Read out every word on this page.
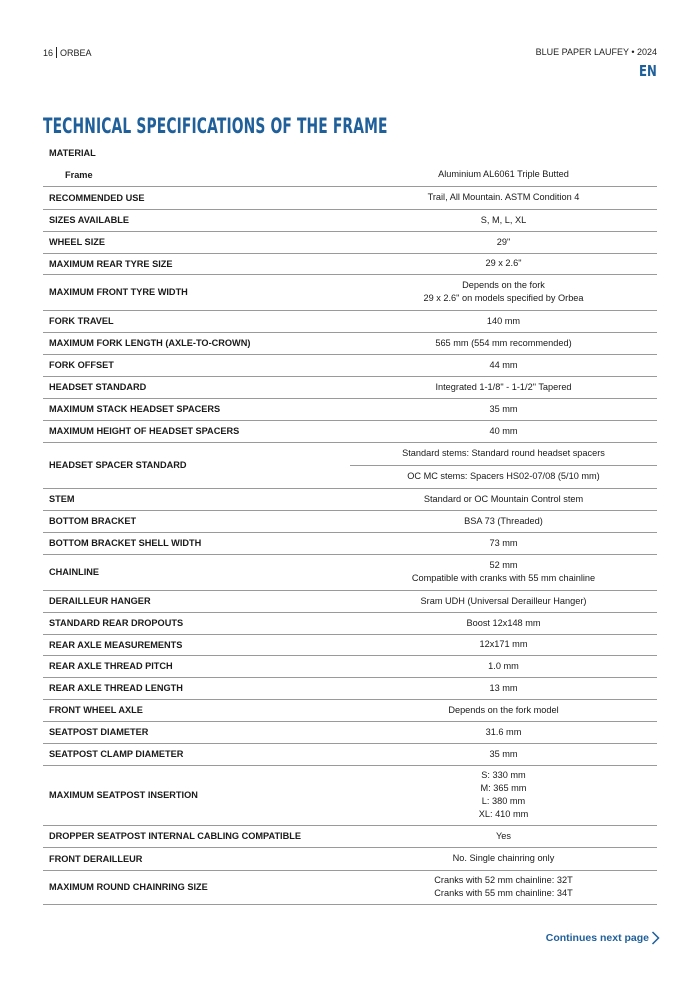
16 ORBEA	BLUE PAPER LAUFEY • 2024
EN
TECHNICAL SPECIFICATIONS OF THE FRAME
MATERIAL	
Frame	Aluminium AL6061 Triple Butted
RECOMMENDED USE	Trail, All Mountain. ASTM Condition 4
SIZES AVAILABLE	S, M, L, XL
WHEEL SIZE	29"
MAXIMUM REAR TYRE SIZE	29 x 2.6"
MAXIMUM FRONT TYRE WIDTH	Depends on the fork
29 x 2.6" on models specified by Orbea

FORK TRAVEL	140 mm
MAXIMUM FORK LENGTH (AXLE-TO-CROWN)	565 mm (554 mm recommended)
FORK OFFSET	44 mm
HEADSET STANDARD	Integrated 1-1/8" - 1-1/2" Tapered
MAXIMUM STACK HEADSET SPACERS	35 mm
MAXIMUM HEIGHT OF HEADSET SPACERS	40 mm
HEADSET SPACER STANDARD	Standard stems: Standard round headset spacers
	OC MC stems: Spacers HS02-07/08 (5/10 mm)
STEM	Standard or OC Mountain Control stem
BOTTOM BRACKET	BSA 73 (Threaded)
BOTTOM BRACKET SHELL WIDTH	73 mm
CHAINLINE	52 mm
Compatible with cranks with 55 mm chainline

DERAILLEUR HANGER	Sram UDH (Universal Derailleur Hanger)
STANDARD REAR DROPOUTS	Boost 12x148 mm
REAR AXLE MEASUREMENTS	12x171 mm
REAR AXLE THREAD PITCH	1.0 mm
REAR AXLE THREAD LENGTH	13 mm
FRONT WHEEL AXLE	Depends on the fork model
SEATPOST DIAMETER	31.6 mm
SEATPOST CLAMP DIAMETER	35 mm
MAXIMUM SEATPOST INSERTION	S: 330 mm
M: 365 mm
L: 380 mm
XL: 410 mm

DROPPER SEATPOST INTERNAL CABLING COMPATIBLE	Yes
FRONT DERAILLEUR	No. Single chainring only
MAXIMUM ROUND CHAINRING SIZE	Cranks with 52 mm chainline: 32T
Cranks with 55 mm chainline: 34T
Continues next page
